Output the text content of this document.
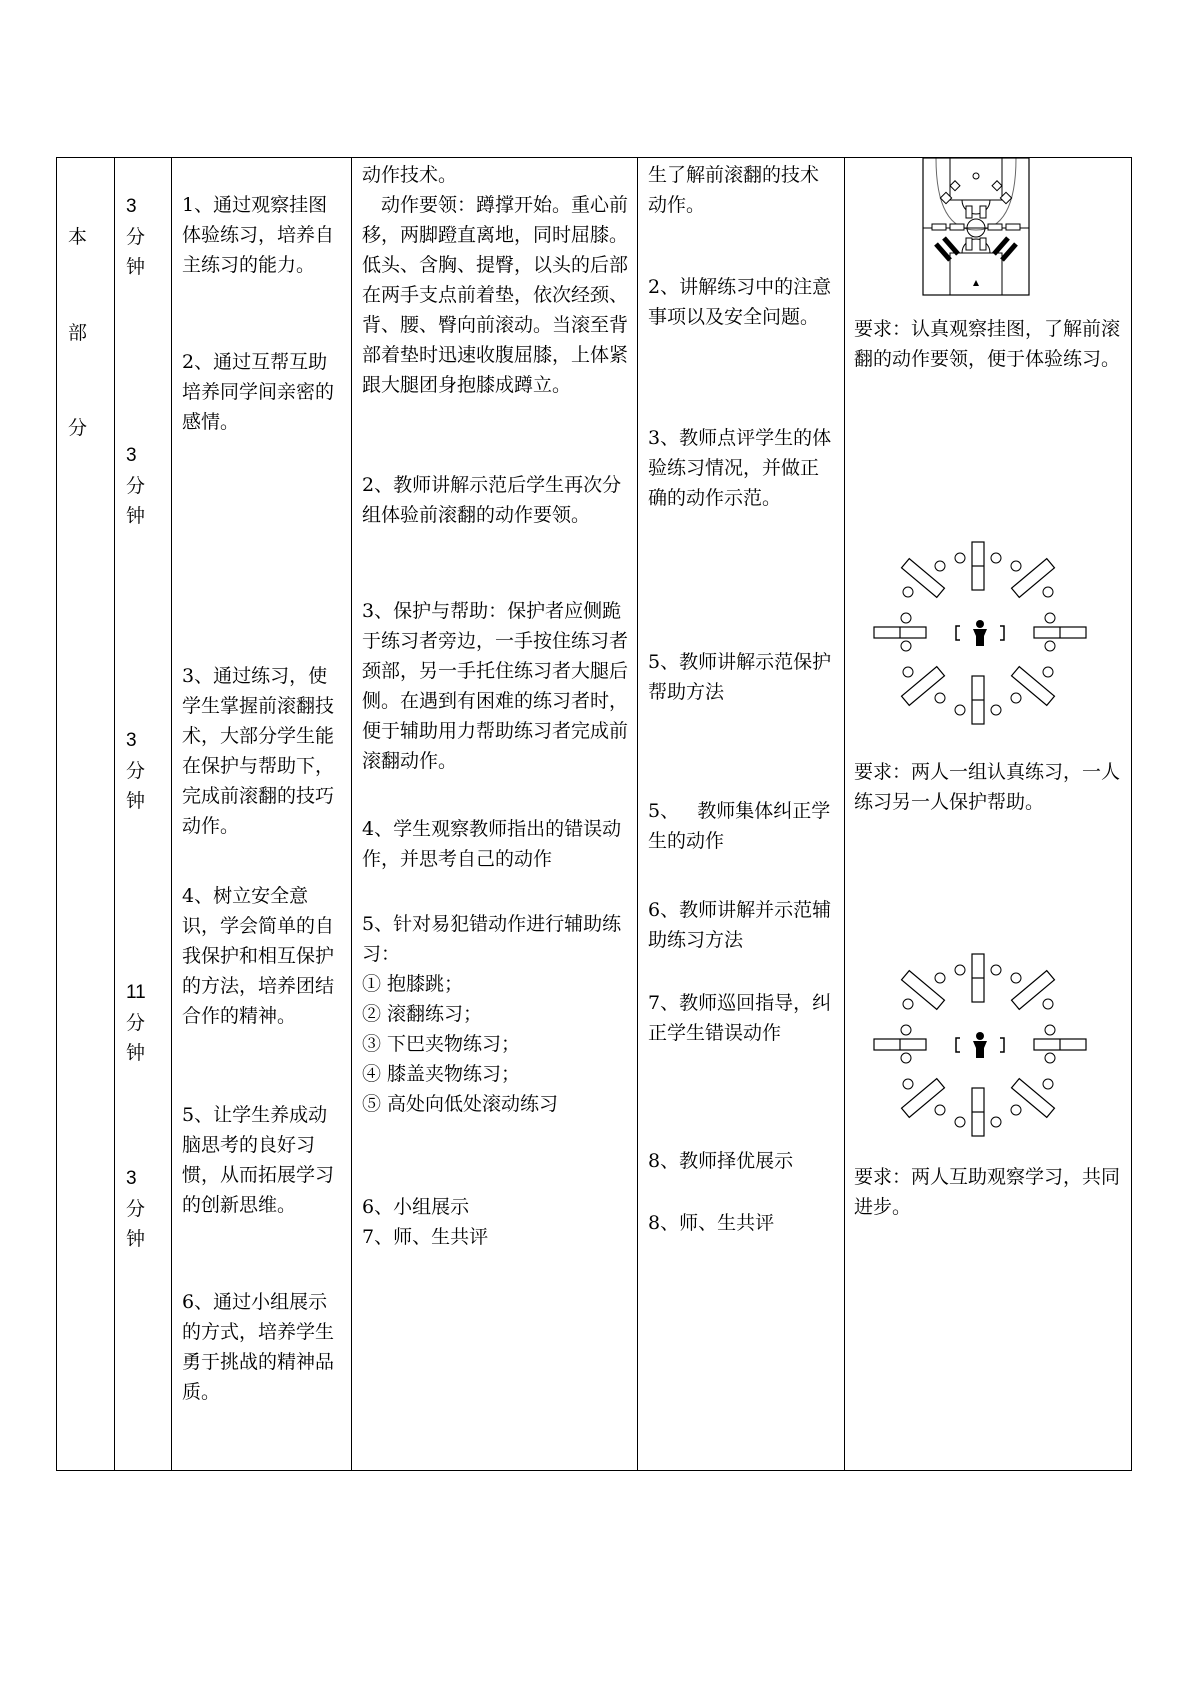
本
部
分
3
分
钟
3
分
钟
3
分
钟
11
分
钟
3
分
钟
1、通过观察挂图体验练习，培养自主练习的能力。
2、通过互帮互助培养同学间亲密的感情。
3、通过练习，使学生掌握前滚翻技术，大部分学生能在保护与帮助下，完成前滚翻的技巧动作。
4、树立安全意识，学会简单的自我保护和相互保护的方法，培养团结合作的精神。
5、让学生养成动脑思考的良好习惯，从而拓展学习的创新思维。
6、通过小组展示的方式，培养学生勇于挑战的精神品质。
动作技术。
动作要领：蹲撑开始。重心前移，两脚蹬直离地，同时屈膝。低头、含胸、提臀，以头的后部在两手支点前着垫，依次经颈、背、腰、臀向前滚动。当滚至背部着垫时迅速收腹屈膝，上体紧跟大腿团身抱膝成蹲立。
2、教师讲解示范后学生再次分组体验前滚翻的动作要领。
3、保护与帮助：保护者应侧跪于练习者旁边，一手按住练习者颈部，另一手托住练习者大腿后侧。在遇到有困难的练习者时，便于辅助用力帮助练习者完成前滚翻动作。
4、学生观察教师指出的错误动作，并思考自己的动作
5、针对易犯错动作进行辅助练习：
① 抱膝跳；
② 滚翻练习；
③ 下巴夹物练习；
④ 膝盖夹物练习；
⑤ 高处向低处滚动练习
6、小组展示
7、师、生共评
生了解前滚翻的技术动作。
2、讲解练习中的注意事项以及安全问题。
3、教师点评学生的体验练习情况，并做正确的动作示范。
5、教师讲解示范保护帮助方法
5、   教师集体纠正学生的动作
6、教师讲解并示范辅助练习方法
7、教师巡回指导，纠正学生错误动作
8、教师择优展示
8、师、生共评
要求：认真观察挂图，了解前滚翻的动作要领，便于体验练习。
要求：两人一组认真练习，一人练习另一人保护帮助。
要求：两人互助观察学习，共同进步。
